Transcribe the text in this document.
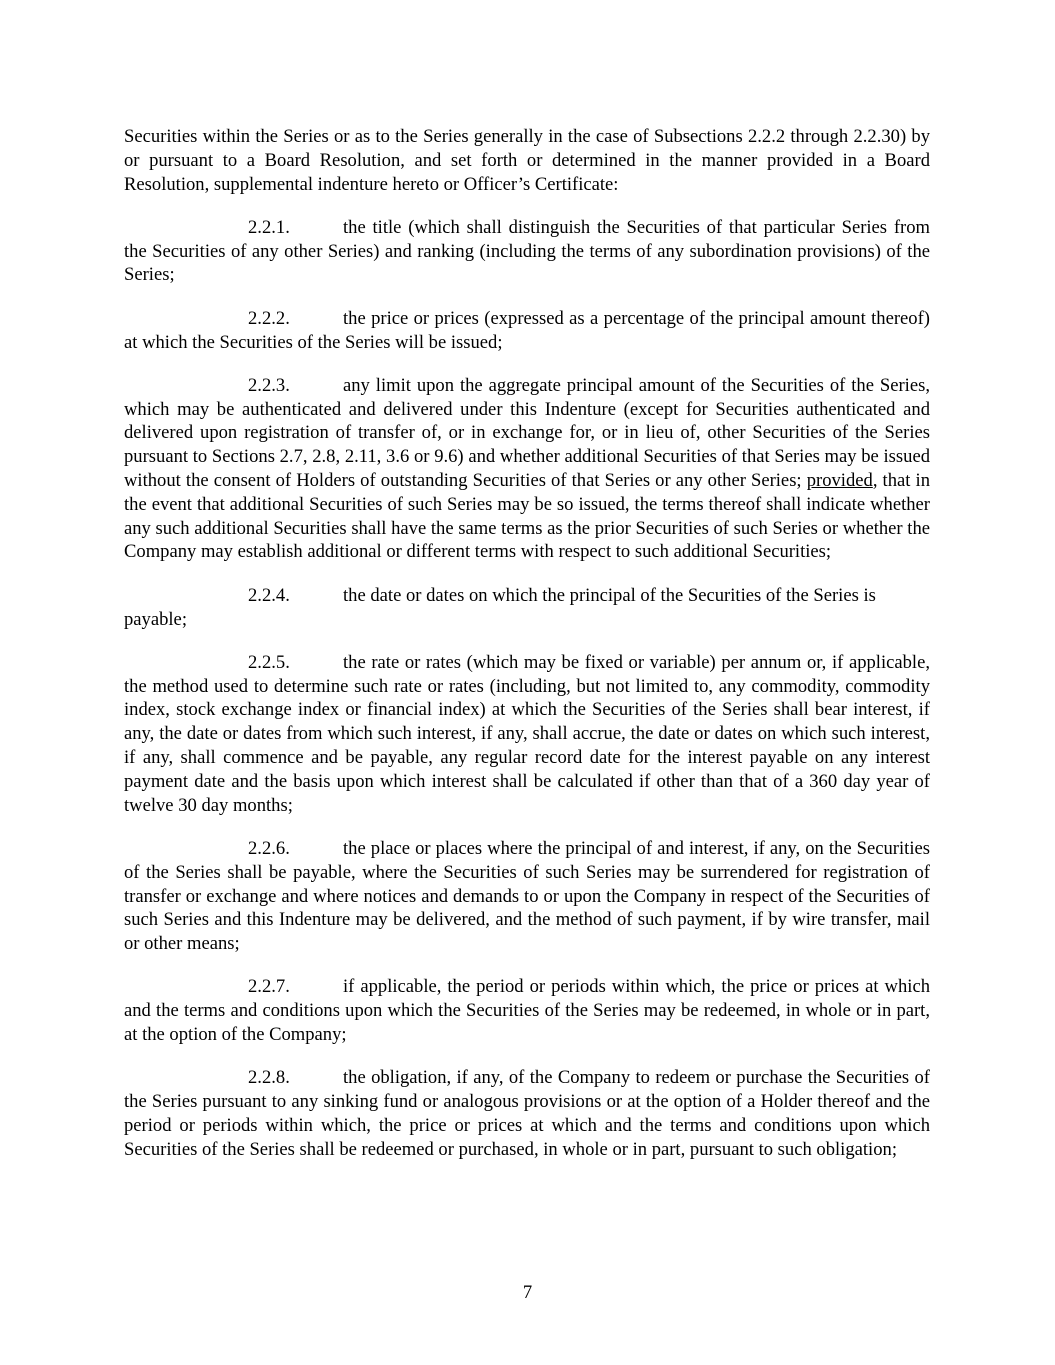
Securities within the Series or as to the Series generally in the case of Subsections 2.2.2 through 2.2.30) by or pursuant to a Board Resolution, and set forth or determined in the manner provided in a Board Resolution, supplemental indenture hereto or Officer’s Certificate:

2.2.1.	the title (which shall distinguish the Securities of that particular Series from the Securities of any other Series) and ranking (including the terms of any subordination provisions) of the Series;

2.2.2.	the price or prices (expressed as a percentage of the principal amount thereof) at which the Securities of the Series will be issued;

2.2.3.	any limit upon the aggregate principal amount of the Securities of the Series, which may be authenticated and delivered under this Indenture (except for Securities authenticated and delivered upon registration of transfer of, or in exchange for, or in lieu of, other Securities of the Series pursuant to Sections 2.7, 2.8, 2.11, 3.6 or 9.6) and whether additional Securities of that Series may be issued without the consent of Holders of outstanding Securities of that Series or any other Series; provided, that in the event that additional Securities of such Series may be so issued, the terms thereof shall indicate whether any such additional Securities shall have the same terms as the prior Securities of such Series or whether the Company may establish additional or different terms with respect to such additional Securities;

2.2.4.	the date or dates on which the principal of the Securities of the Series is
payable;

2.2.5.	the rate or rates (which may be fixed or variable) per annum or, if applicable, the method used to determine such rate or rates (including, but not limited to, any commodity, commodity index, stock exchange index or financial index) at which the Securities of the Series shall bear interest, if any, the date or dates from which such interest, if any, shall accrue, the date or dates on which such interest, if any, shall commence and be payable, any regular record date for the interest payable on any interest payment date and the basis upon which interest shall be calculated if other than that of a 360 day year of twelve 30 day months;

2.2.6.	the place or places where the principal of and interest, if any, on the Securities of the Series shall be payable, where the Securities of such Series may be surrendered for registration of transfer or exchange and where notices and demands to or upon the Company in respect of the Securities of such Series and this Indenture may be delivered, and the method of such payment, if by wire transfer, mail or other means;

2.2.7.	if applicable, the period or periods within which, the price or prices at which and the terms and conditions upon which the Securities of the Series may be redeemed, in whole or in part, at the option of the Company;

2.2.8.	the obligation, if any, of the Company to redeem or purchase the Securities of the Series pursuant to any sinking fund or analogous provisions or at the option of a Holder thereof and the period or periods within which, the price or prices at which and the terms and conditions upon which Securities of the Series shall be redeemed or purchased, in whole or in part, pursuant to such obligation;

7
